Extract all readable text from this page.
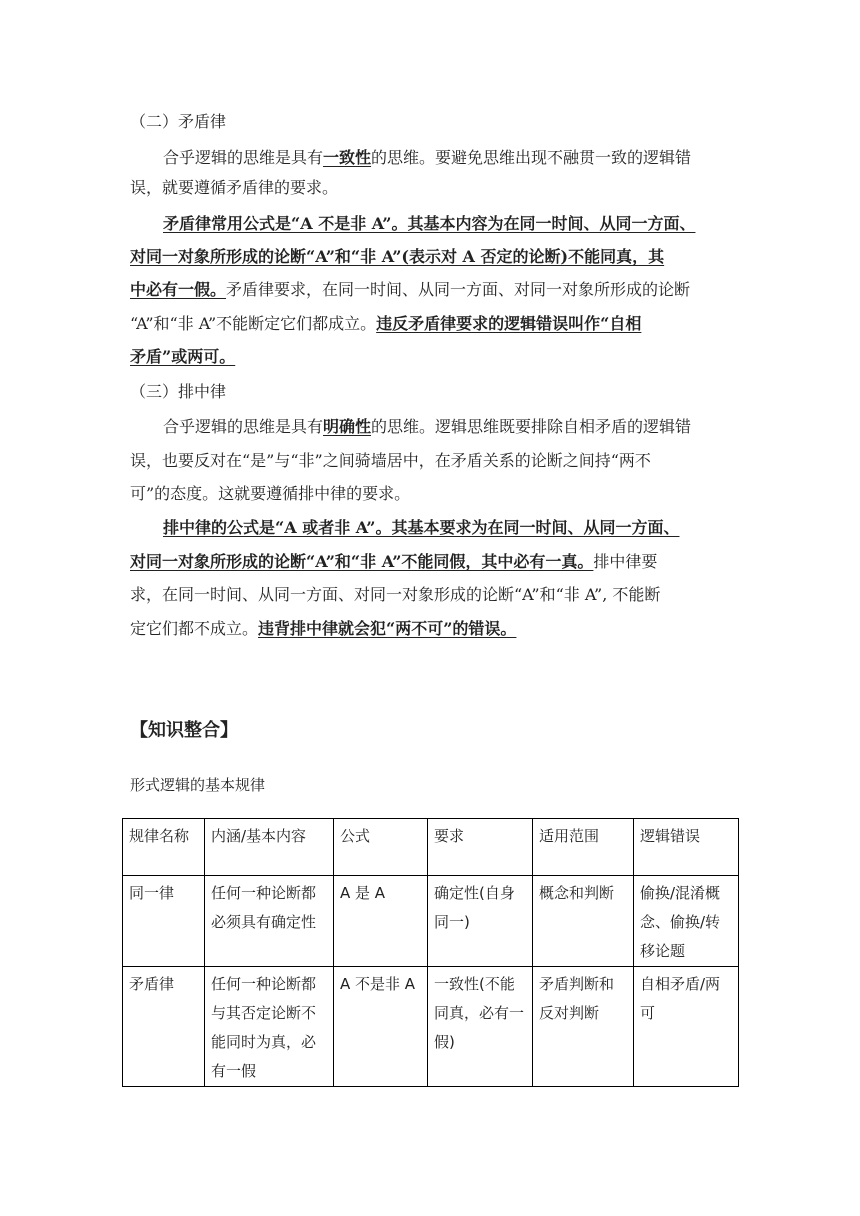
（二）矛盾律
合乎逻辑的思维是具有一致性的思维。要避免思维出现不融贯一致的逻辑错
误，就要遵循矛盾律的要求。
矛盾律常用公式是“A 不是非 A”。其基本内容为在同一时间、从同一方面、
对同一对象所形成的论断“A”和“非 A”(表示对 A 否定的论断)不能同真，其
中必有一假。矛盾律要求，在同一时间、从同一方面、对同一对象所形成的论断
“A”和“非 A”不能断定它们都成立。违反矛盾律要求的逻辑错误叫作“自相
矛盾”或两可。
（三）排中律
合乎逻辑的思维是具有明确性的思维。逻辑思维既要排除自相矛盾的逻辑错
误，也要反对在“是”与“非”之间骑墙居中，在矛盾关系的论断之间持“两不
可”的态度。这就要遵循排中律的要求。
排中律的公式是“A 或者非 A”。其基本要求为在同一时间、从同一方面、
对同一对象所形成的论断“A”和“非 A”不能同假，其中必有一真。排中律要
求，在同一时间、从同一方面、对同一对象形成的论断“A”和“非 A”, 不能断
定它们都不成立。违背排中律就会犯“两不可”的错误。
【知识整合】
形式逻辑的基本规律
规律名称	内涵/基本内容	公式	要求	适用范围	逻辑错误
同一律	任何一种论断都必须具有确定性	A 是 A	确定性(自身同一)	概念和判断	偷换/混淆概念、偷换/转移论题
矛盾律	任何一种论断都与其否定论断不能同时为真，必有一假	A 不是非 A	一致性(不能同真，必有一假)	矛盾判断和反对判断	自相矛盾/两可
